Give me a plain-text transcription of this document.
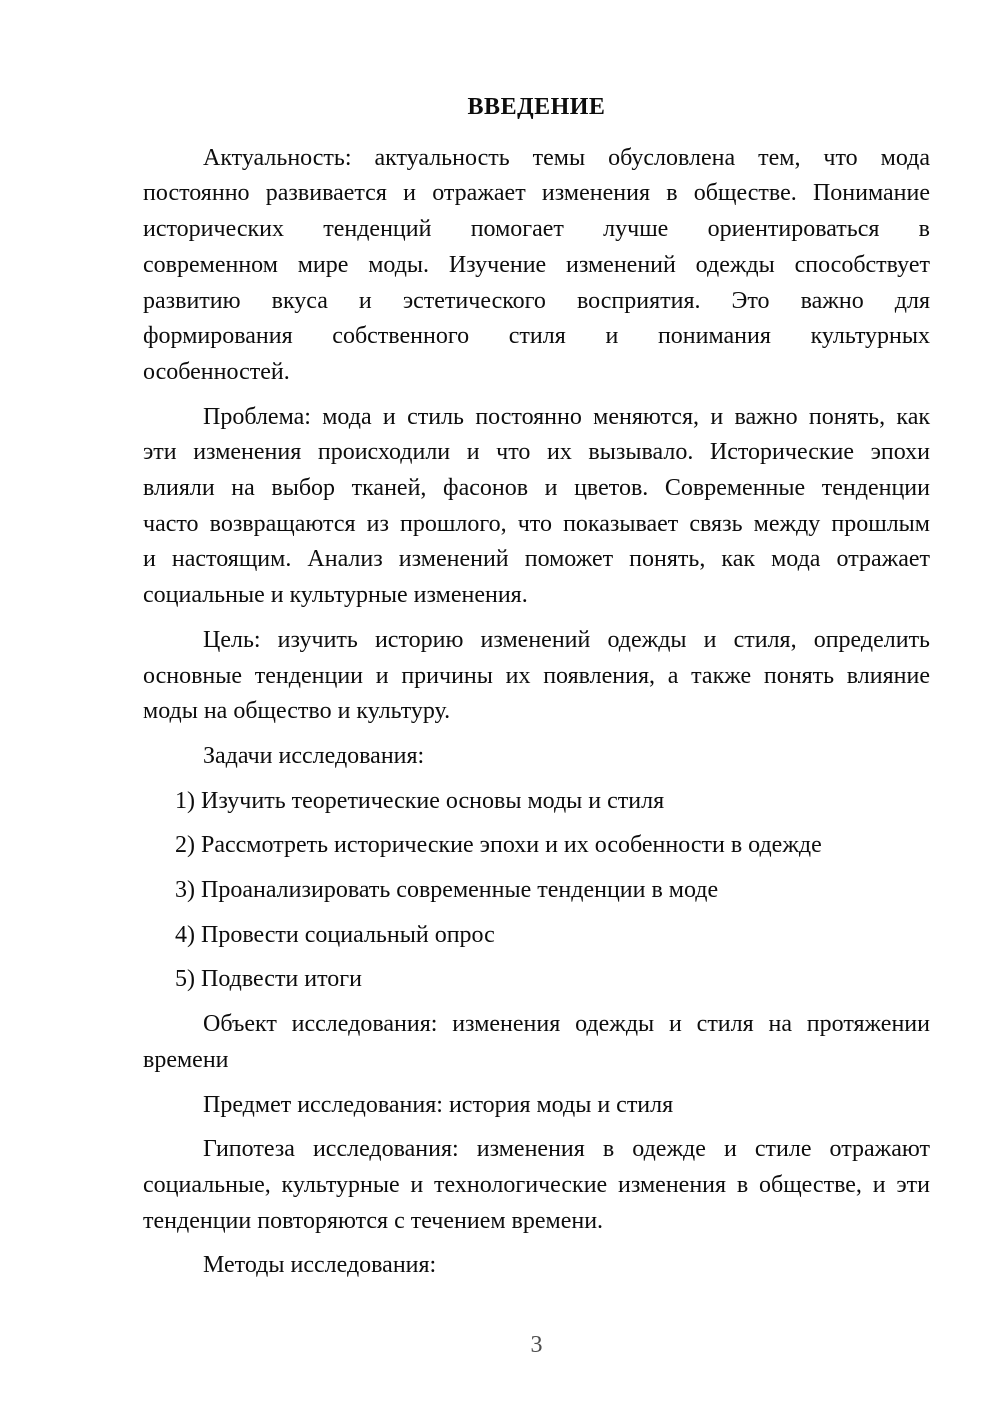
ВВЕДЕНИЕ
Актуальность: актуальность темы обусловлена тем, что мода
постоянно развивается и отражает изменения в обществе. Понимание
исторических тенденций помогает лучше ориентироваться в
современном мире моды. Изучение изменений одежды способствует
развитию вкуса и эстетического восприятия. Это важно для
формирования собственного стиля и понимания культурных
особенностей.
Проблема: мода и стиль постоянно меняются, и важно понять, как
эти изменения происходили и что их вызывало. Исторические эпохи
влияли на выбор тканей, фасонов и цветов. Современные тенденции
часто возвращаются из прошлого, что показывает связь между прошлым
и настоящим. Анализ изменений поможет понять, как мода отражает
социальные и культурные изменения.
Цель: изучить историю изменений одежды и стиля, определить
основные тенденции и причины их появления, а также понять влияние
моды на общество и культуру.
Задачи исследования:
1) Изучить теоретические основы моды и стиля
2) Рассмотреть исторические эпохи и их особенности в одежде
3) Проанализировать современные тенденции в моде
4) Провести социальный опрос
5) Подвести итоги
Объект исследования: изменения одежды и стиля на протяжении
времени
Предмет исследования: история моды и стиля
Гипотеза исследования: изменения в одежде и стиле отражают
социальные, культурные и технологические изменения в обществе, и эти
тенденции повторяются с течением времени.
Методы исследования:
3
